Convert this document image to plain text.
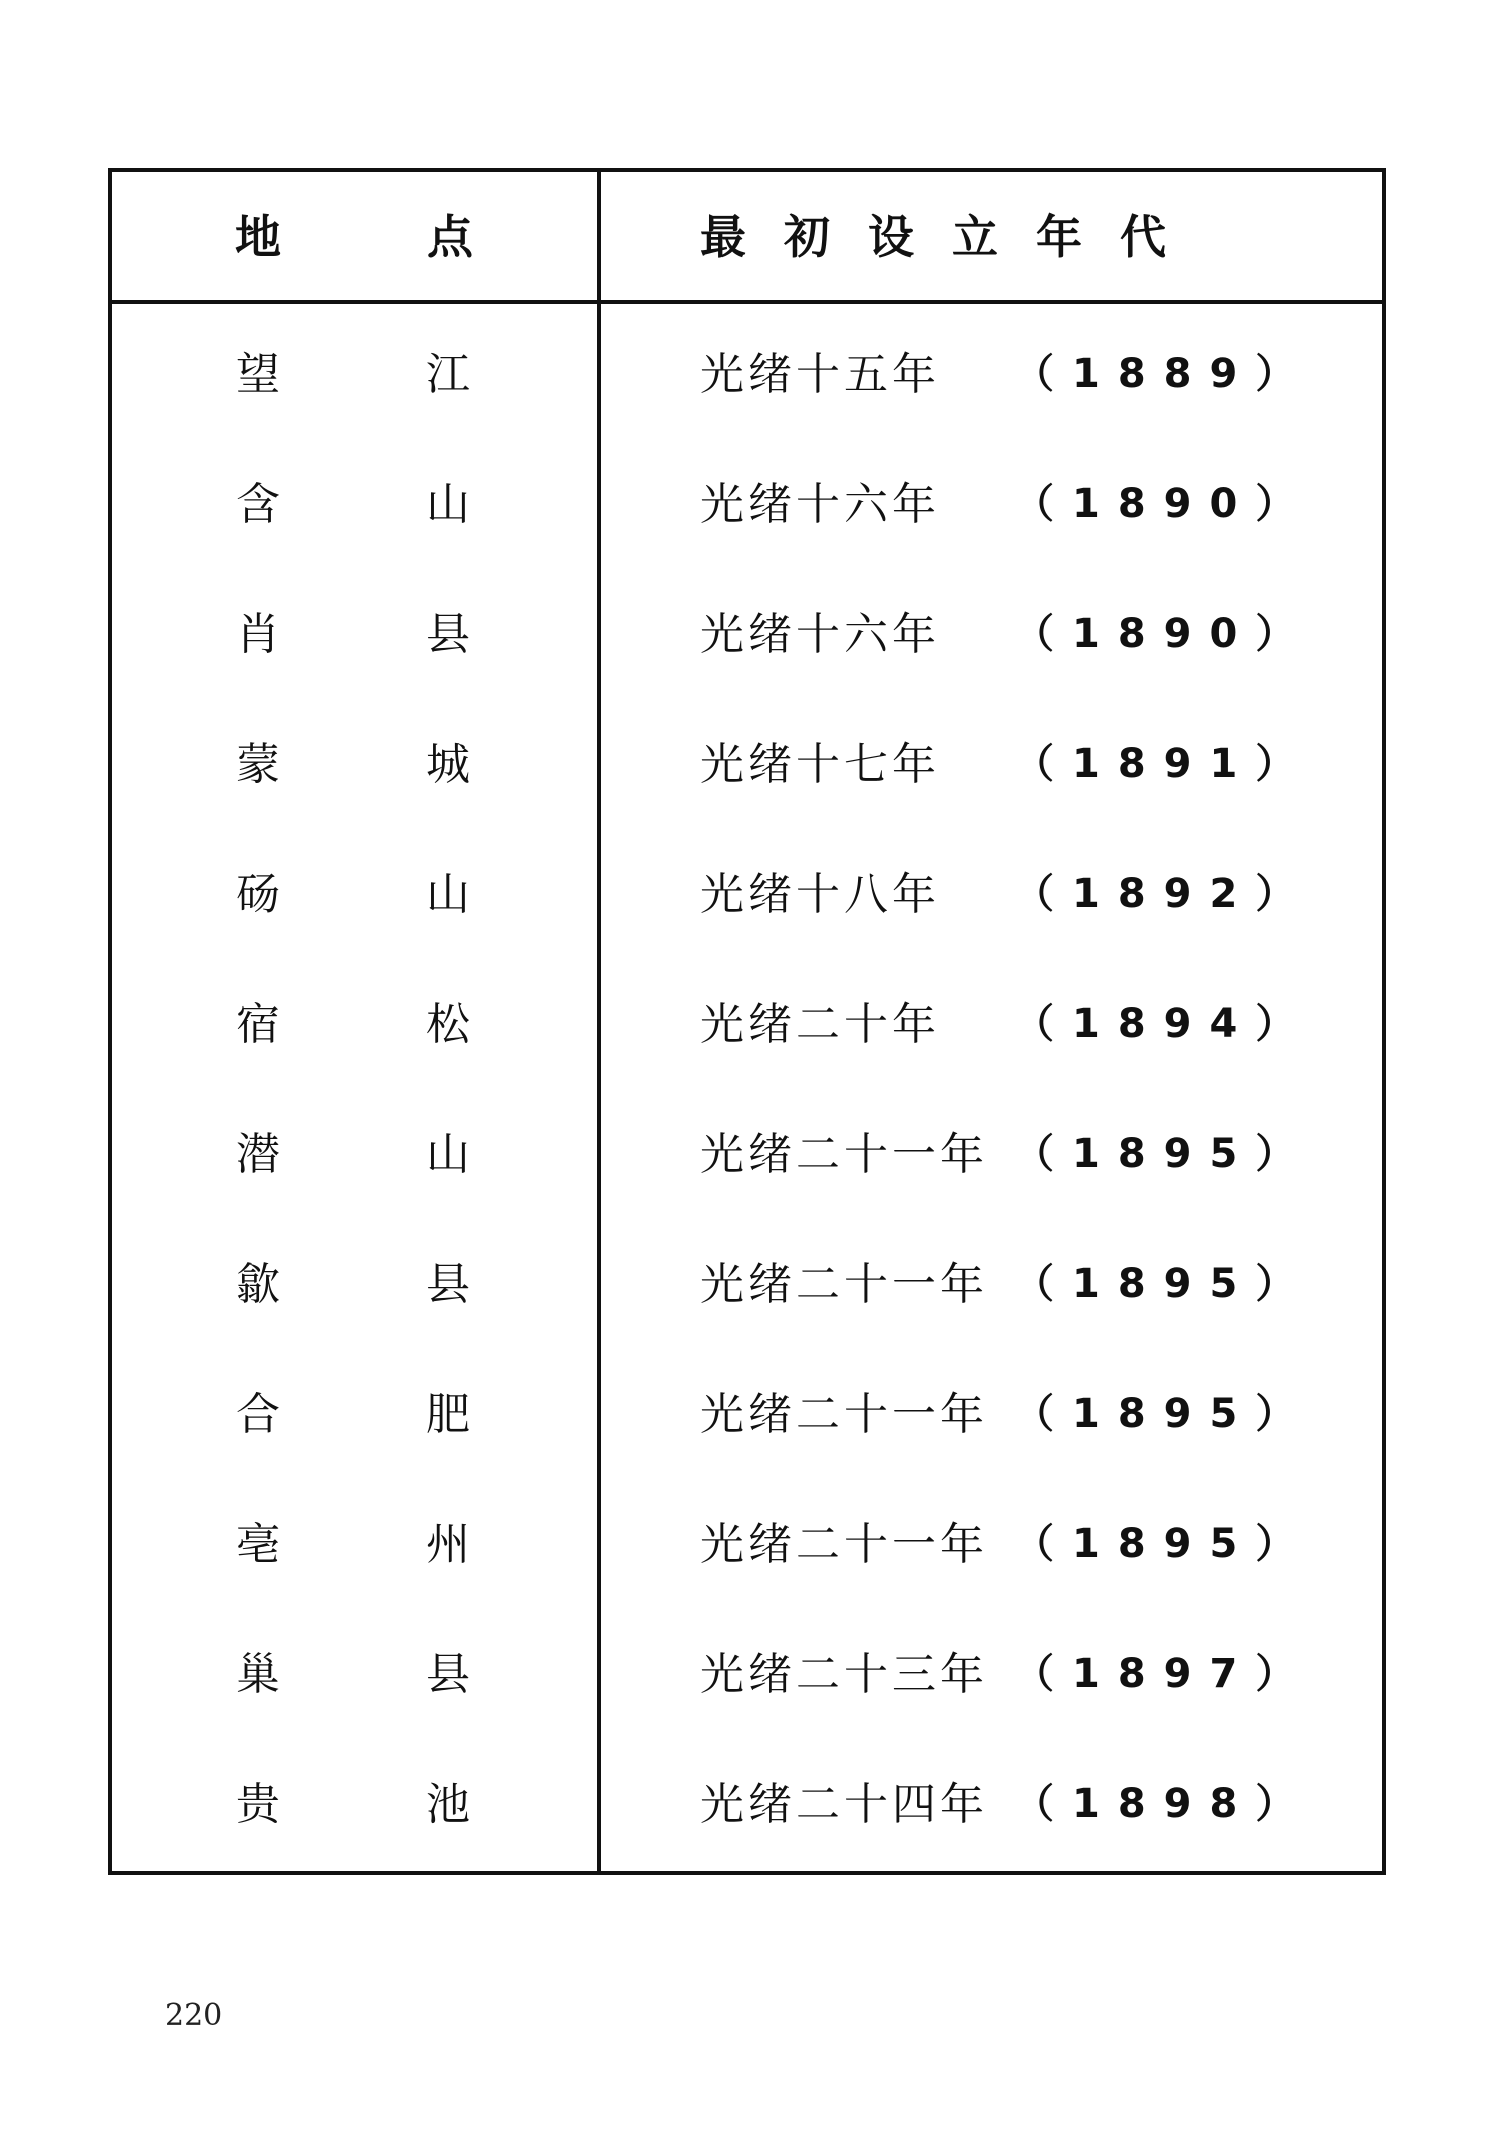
地	点	最初设立年代
望	江	光绪十五年	（1889）
含	山	光绪十六年	（1890）
肖	县	光绪十六年	（1890）
蒙	城	光绪十七年	（1891）
砀	山	光绪十八年	（1892）
宿	松	光绪二十年	（1894）
潜	山	光绪二十一年 （1895）
歙	县	光绪二十一年 （1895）
合	肥	光绪二十一年 （1895）
亳	州	光绪二十一年 （1895）
巢	县	光绪二十三年 （1897）
贵	池	光绪二十四年 （1898）
220
